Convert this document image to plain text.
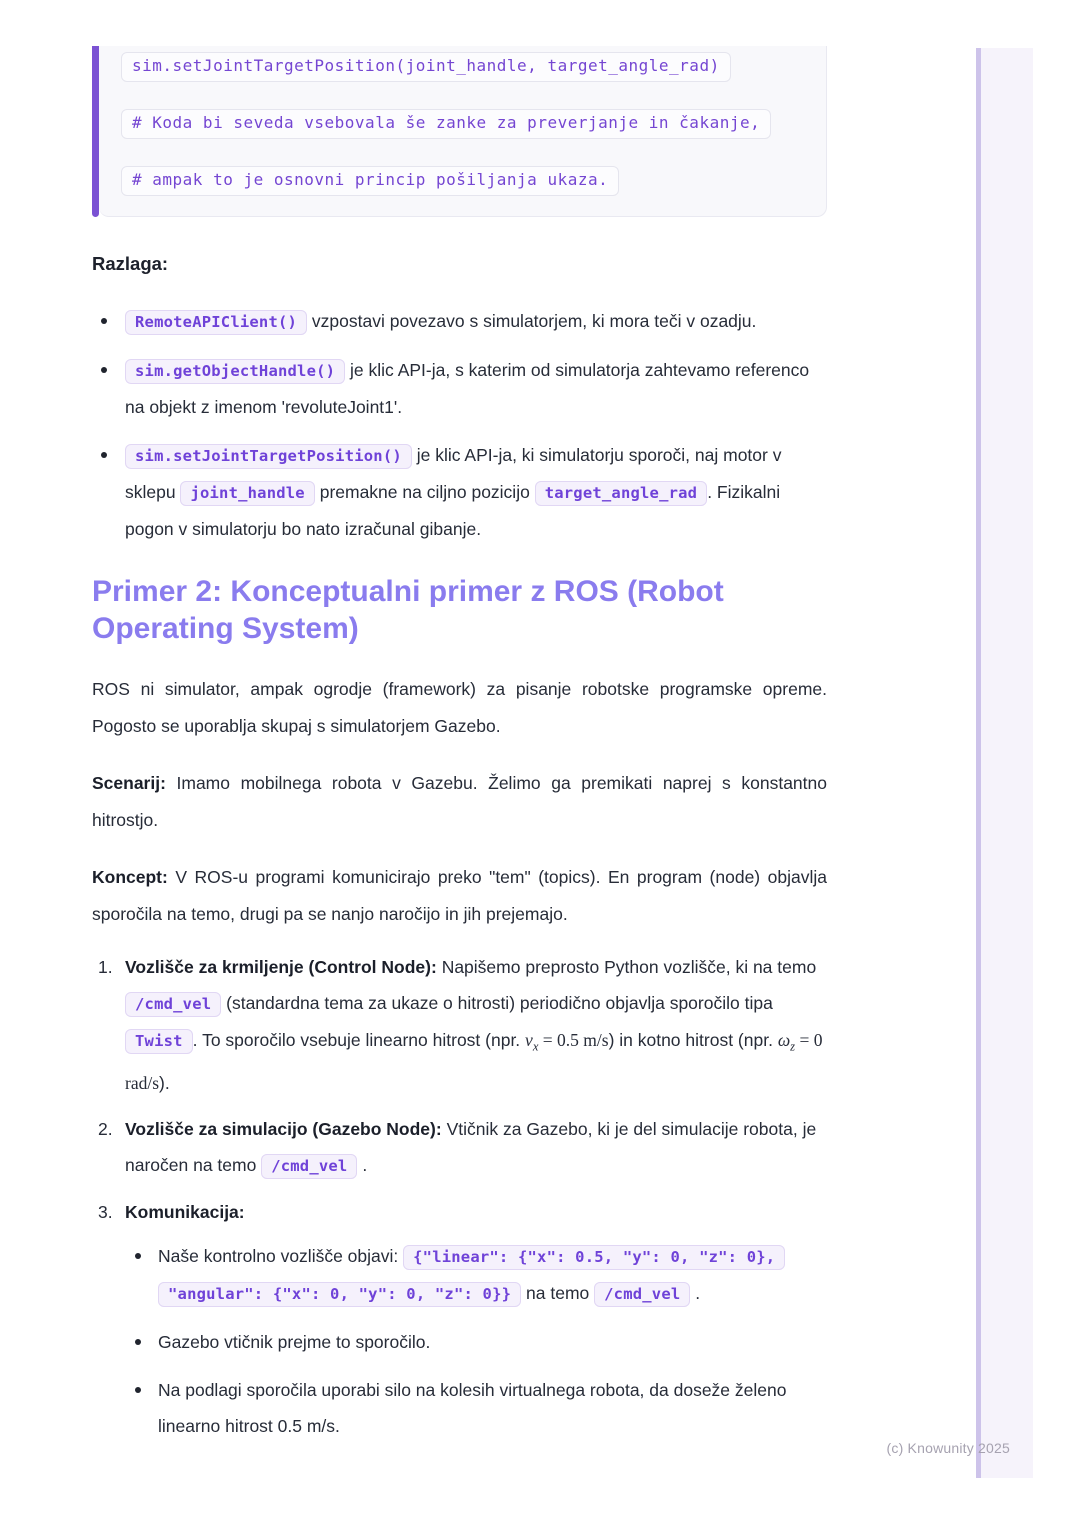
(c) Knowunity 2025
sim.setJointTargetPosition(joint_handle, target_angle_rad)
# Koda bi seveda vsebovala še zanke za preverjanje in čakanje,
# ampak to je osnovni princip pošiljanja ukaza.
Razlaga:
RemoteAPIClient() vzpostavi povezavo s simulatorjem, ki mora teči v ozadju.
sim.getObjectHandle() je klic API-ja, s katerim od simulatorja zahtevamo referenco na objekt z imenom 'revoluteJoint1'.
sim.setJointTargetPosition() je klic API-ja, ki simulatorju sporoči, naj motor v sklepu joint_handle premakne na ciljno pozicijo target_angle_rad . Fizikalni pogon v simulatorju bo nato izračunal gibanje.
Primer 2: Konceptualni primer z ROS (Robot Operating System)

ROS ni simulator, ampak ogrodje (framework) za pisanje robotske programske opreme. Pogosto se uporablja skupaj s simulatorjem Gazebo.

Scenarij: Imamo mobilnega robota v Gazebu. Želimo ga premikati naprej s konstantno hitrostjo.

Koncept: V ROS-u programi komunicirajo preko "tem" (topics). En program (node) objavlja sporočila na temo, drugi pa se nanjo naročijo in jih prejemajo.

1. Vozlišče za krmiljenje (Control Node): Napišemo preprosto Python vozlišče, ki na temo /cmd_vel (standardna tema za ukaze o hitrosti) periodično objavlja sporočilo tipa Twist . To sporočilo vsebuje linearno hitrost (npr. $v_x = 0.5$ m/s) in kotno hitrost (npr. $\omega_z = 0$ rad/s).
2. Vozlišče za simulacijo (Gazebo Node): Vtičnik za Gazebo, ki je del simulacije robota, je naročen na temo /cmd_vel .
3. Komunikacija:
Naše kontrolno vozlišče objavi: {"linear": {"x": 0.5, "y": 0, "z": 0}, "angular": {"x": 0, "y": 0, "z": 0}} na temo /cmd_vel .
Gazebo vtičnik prejme to sporočilo.
Na podlagi sporočila uporabi silo na kolesih virtualnega robota, da doseže želeno linearno hitrost 0.5 m/s.
